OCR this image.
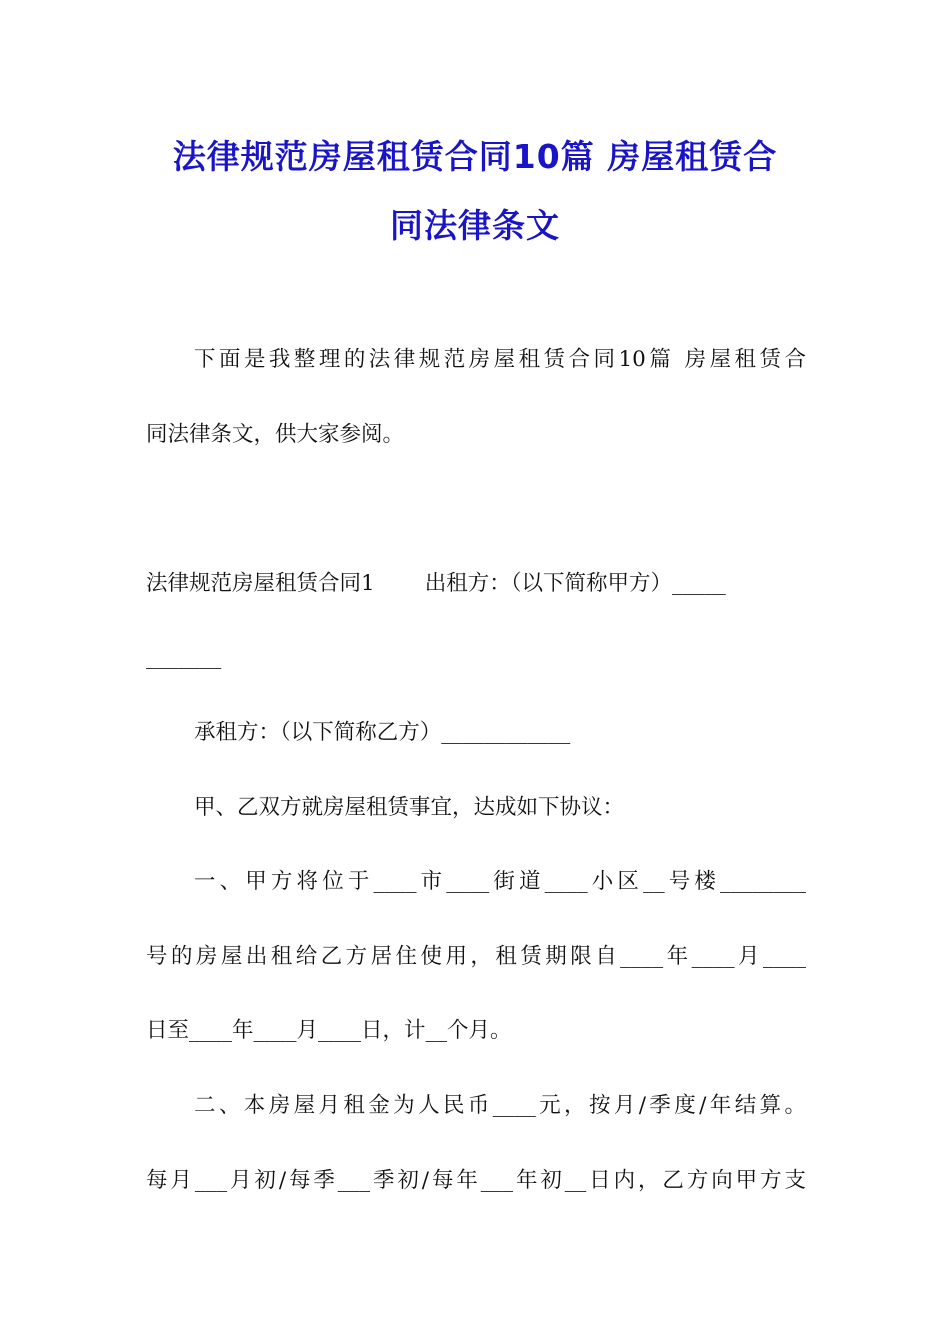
法律规范房屋租赁合同10篇 房屋租赁合
同法律条文
下面是我整理的法律规范房屋租赁合同10篇 房屋租赁合
同法律条文，供大家参阅。
法律规范房屋租赁合同1 出租方：（以下简称甲方）_____
_______
承租方：（以下简称乙方）____________
甲、乙双方就房屋租赁事宜，达成如下协议：
一、甲方将位于____市____街道____小区__号楼________
号的房屋出租给乙方居住使用，租赁期限自____年____月____
日至____年____月____日，计__个月。
二、本房屋月租金为人民币____元，按月/季度/年结算。
每月___月初/每季___季初/每年___年初__日内，乙方向甲方支
